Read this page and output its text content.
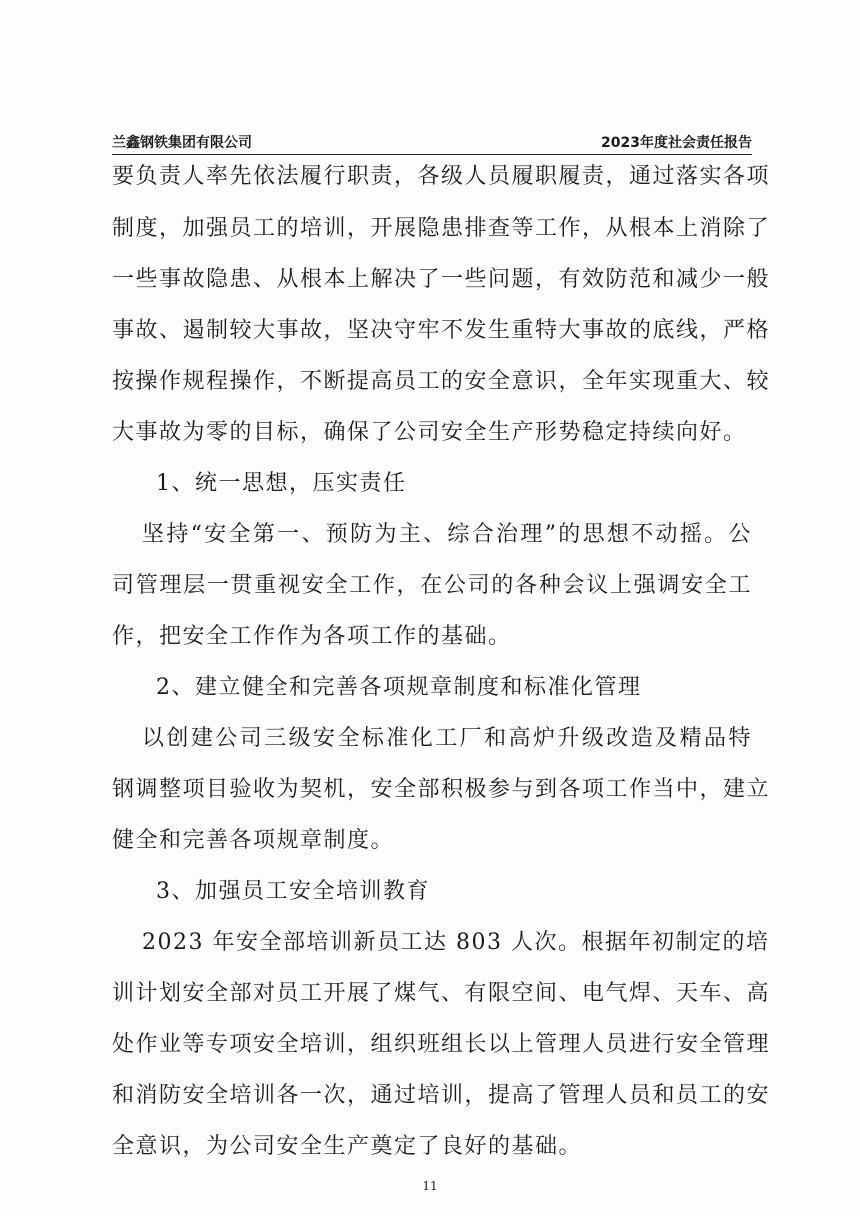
兰鑫钢铁集团有限公司	2023年度社会责任报告
要负责人率先依法履行职责，各级人员履职履责，通过落实各项
制度，加强员工的培训，开展隐患排查等工作，从根本上消除了
一些事故隐患、从根本上解决了一些问题，有效防范和减少一般
事故、遏制较大事故，坚决守牢不发生重特大事故的底线，严格
按操作规程操作，不断提高员工的安全意识，全年实现重大、较
大事故为零的目标，确保了公司安全生产形势稳定持续向好。
1、统一思想，压实责任
坚持“安全第一、预防为主、综合治理”的思想不动摇。公
司管理层一贯重视安全工作，在公司的各种会议上强调安全工
作，把安全工作作为各项工作的基础。
2、建立健全和完善各项规章制度和标准化管理
以创建公司三级安全标准化工厂和高炉升级改造及精品特
钢调整项目验收为契机，安全部积极参与到各项工作当中，建立
健全和完善各项规章制度。
3、加强员工安全培训教育
2023 年安全部培训新员工达 803 人次。根据年初制定的培
训计划安全部对员工开展了煤气、有限空间、电气焊、天车、高
处作业等专项安全培训，组织班组长以上管理人员进行安全管理
和消防安全培训各一次，通过培训，提高了管理人员和员工的安
全意识，为公司安全生产奠定了良好的基础。
11
